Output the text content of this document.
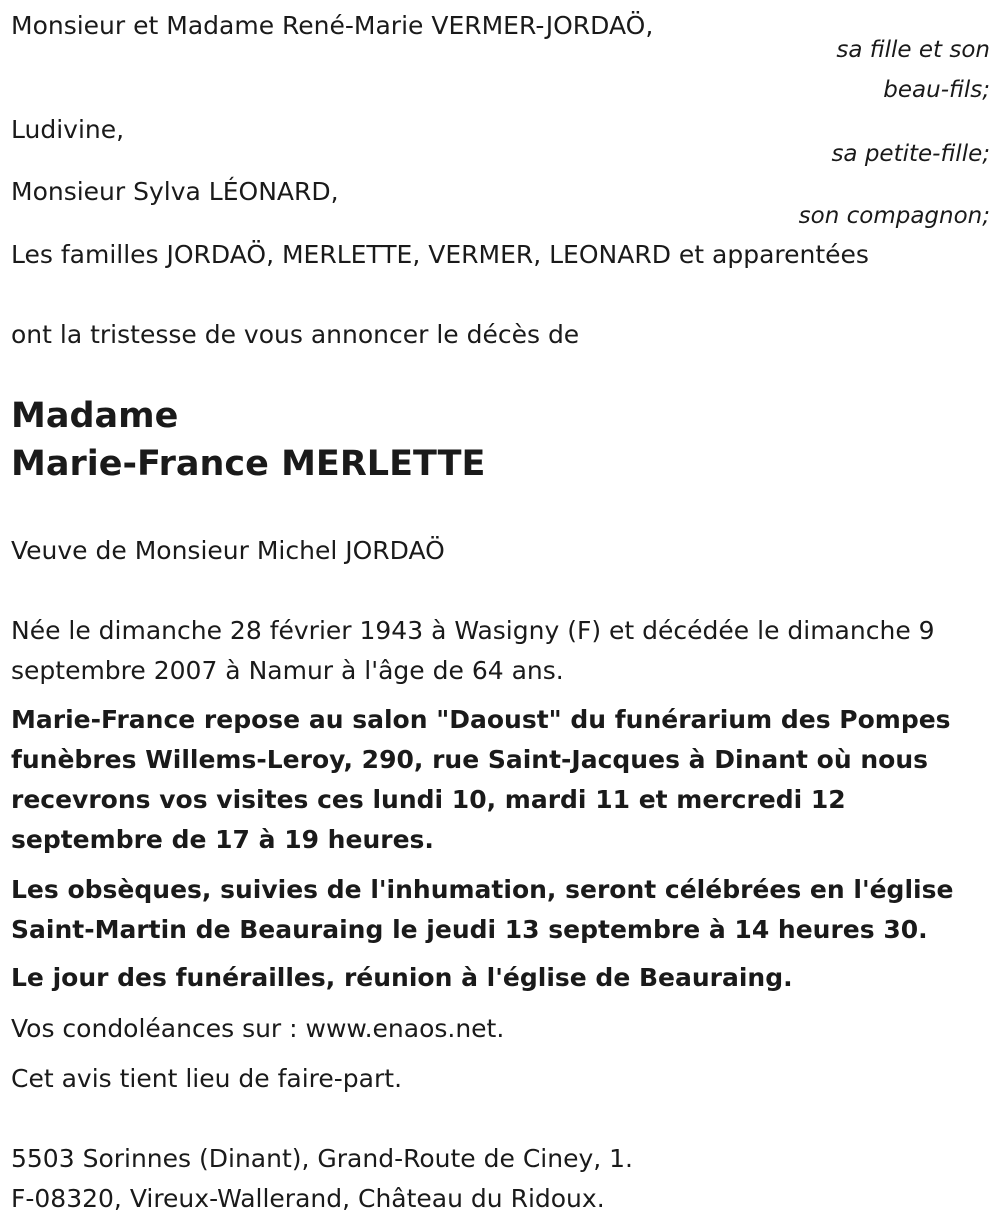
Monsieur et Madame René-Marie VERMER-JORDAÖ,
sa fille et son
beau-fils;
Ludivine,
sa petite-fille;
Monsieur Sylva LÉONARD,
son compagnon;
Les familles JORDAÖ, MERLETTE, VERMER, LEONARD et apparentées
ont la tristesse de vous annoncer le décès de
Madame
Marie-France MERLETTE
Veuve de Monsieur Michel JORDAÖ
Née le dimanche 28 février 1943 à Wasigny (F) et décédée le dimanche 9 septembre 2007 à Namur à l'âge de 64 ans.
Marie-France repose au salon "Daoust" du funérarium des Pompes funèbres Willems-Leroy, 290, rue Saint-Jacques à Dinant où nous recevrons vos visites ces lundi 10, mardi 11 et mercredi 12 septembre de 17 à 19 heures.
Les obsèques, suivies de l'inhumation, seront célébrées en l'église Saint-Martin de Beauraing le jeudi 13 septembre à 14 heures 30.
Le jour des funérailles, réunion à l'église de Beauraing.
Vos condoléances sur : www.enaos.net.
Cet avis tient lieu de faire-part.
5503 Sorinnes (Dinant), Grand-Route de Ciney, 1.
F-08320, Vireux-Wallerand, Château du Ridoux.
